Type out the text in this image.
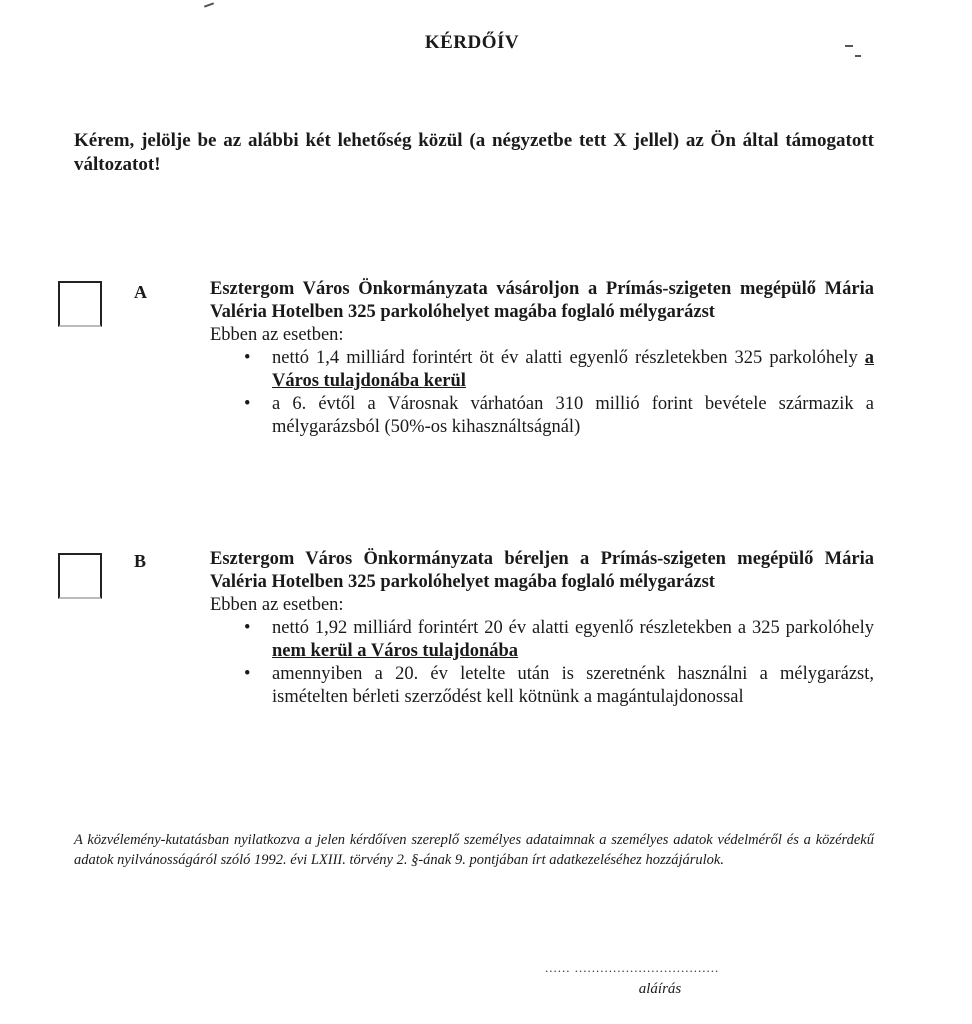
KÉRDŐÍV
Kérem, jelölje be az alábbi két lehetőség közül (a négyzetbe tett X jellel) az Ön által támogatott változatot!
A	Esztergom Város Önkormányzata vásároljon a Prímás-szigeten megépülő Mária Valéria Hotelben 325 parkolóhelyet magába foglaló mélygarázst
Ebben az esetben:
• nettó 1,4 milliárd forintért öt év alatti egyenlő részletekben 325 parkolóhely a Város tulajdonába kerül
• a 6. évtől a Városnak várhatóan 310 millió forint bevétele származik a mélygarázsból (50%-os kihasználtságnál)
B	Esztergom Város Önkormányzata béreljen a Prímás-szigeten megépülő Mária Valéria Hotelben 325 parkolóhelyet magába foglaló mélygarázst
Ebben az esetben:
• nettó 1,92 milliárd forintért 20 év alatti egyenlő részletekben a 325 parkolóhely nem kerül a Város tulajdonába
• amennyiben a 20. év letelte után is szeretnénk használni a mélygarázst, ismételten bérleti szerződést kell kötnünk a magántulajdonossal
A közvélemény-kutatásban nyilatkozva a jelen kérdőíven szereplő személyes adataimnak a személyes adatok védelméről és a közérdekű adatok nyilvánosságáról szóló 1992. évi LXIII. törvény 2. §-ának 9. pontjában írt adatkezeléséhez hozzájárulok.
...... ..................................
aláírás
